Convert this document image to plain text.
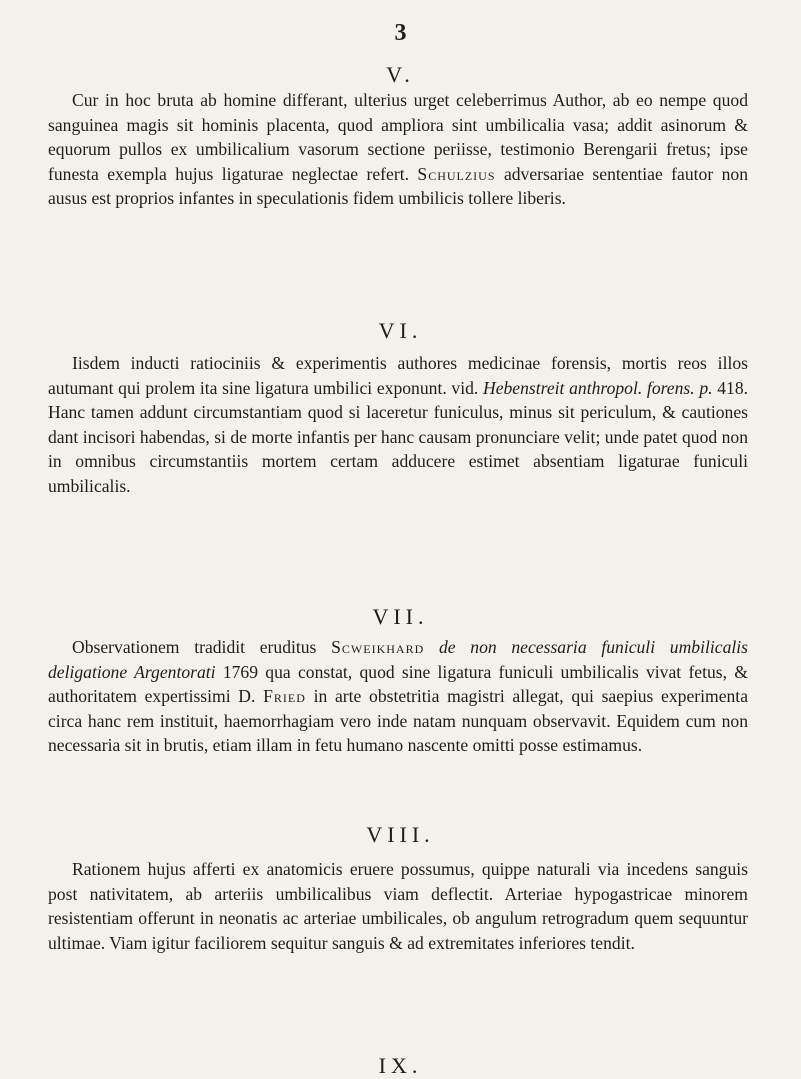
3
V.

Cur in hoc bruta ab homine differant, ulterius urget celeberrimus Author, ab eo nempe quod sanguinea magis sit hominis placenta, quod ampliora sint umbilicalia vasa; addit asinorum & equorum pullos ex umbilicalium vasorum sectione periisse, testimonio Berengarii fretus; ipse funesta exempla hujus ligaturae neglectae refert. Schulzius adversariae sententiae fautor non ausus est proprios infantes in speculationis fidem umbilicis tollere liberis.

VI.

Iisdem inducti ratiociniis & experimentis authores medicinae forensis, mortis reos illos autumant qui prolem ita sine ligatura umbilici exponunt. vid. Hebenstreit anthropol. forens. p. 418. Hanc tamen addunt circumstantiam quod si laceretur funiculus, minus sit periculum, & cautiones dant incisori habendas, si de morte infantis per hanc causam pronunciare velit; unde patet quod non in omnibus circumstantiis mortem certam adducere estimet absentiam ligaturae funiculi umbilicalis.

VII.

Observationem tradidit eruditus Scweikhard de non necessaria funiculi umbilicalis deligatione Argentorati 1769 qua constat, quod sine ligatura funiculi umbilicalis vivat fetus, & authoritatem expertissimi D. Fried in arte obstetritia magistri allegat, qui saepius experimenta circa hanc rem instituit, haemorrhagiam vero inde natam nunquam observavit. Equidem cum non necessaria sit in brutis, etiam illam in fetu humano nascente omitti posse estimamus.

VIII.

Rationem hujus afferti ex anatomicis eruere possumus, quippe naturali via incedens sanguis post nativitatem, ab arteriis umbilicalibus viam deflectit. Arteriae hypogastricae minorem resistentiam offerunt in neonatis ac arteriae umbilicales, ob angulum retrogradum quem sequuntur ultimae. Viam igitur faciliorem sequitur sanguis & ad extremitates inferiores tendit.

IX.
